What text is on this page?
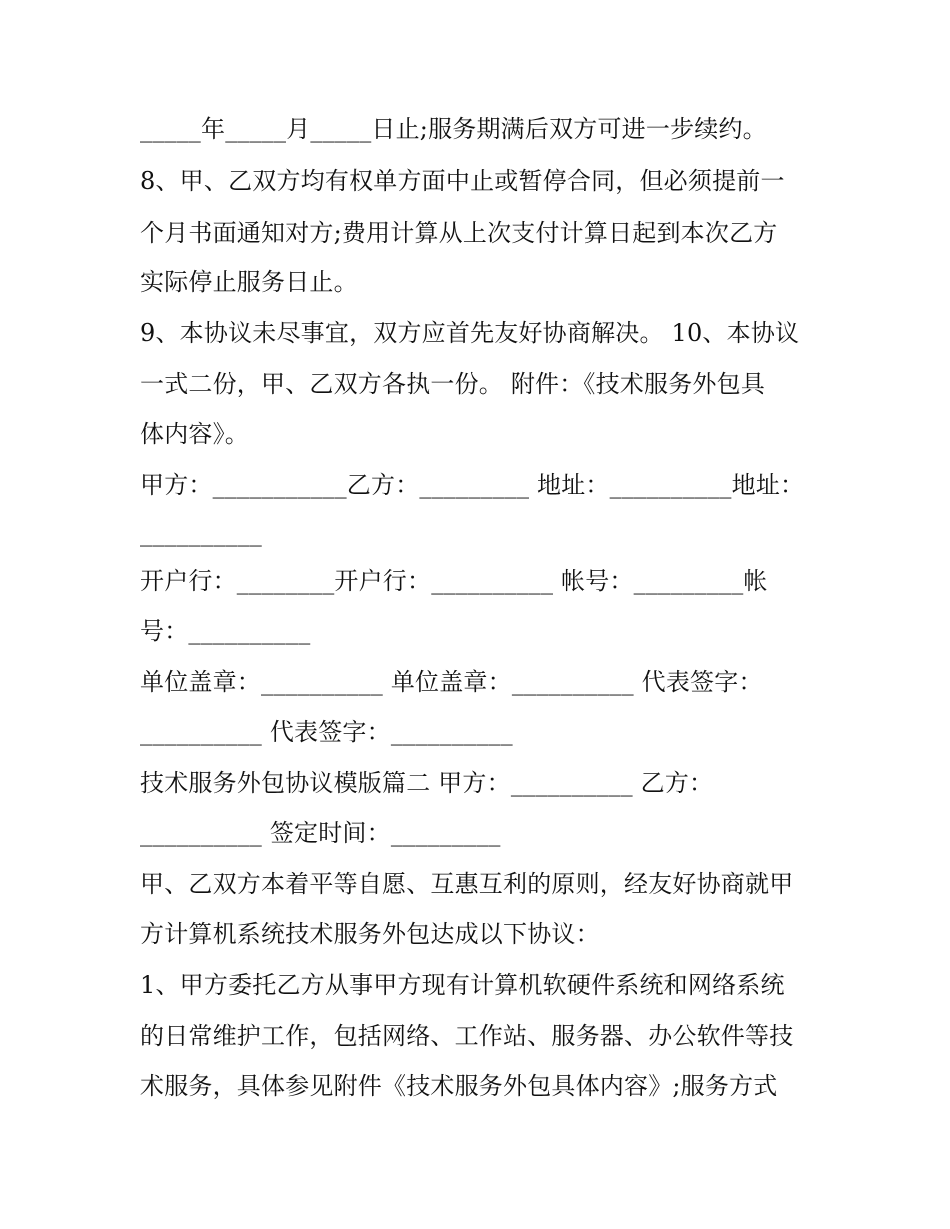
_____年_____月_____日止;服务期满后双方可进一步续约。
8、甲、乙双方均有权单方面中止或暂停合同，但必须提前一
个月书面通知对方;费用计算从上次支付计算日起到本次乙方
实际停止服务日止。
9、本协议未尽事宜，双方应首先友好协商解决。 10、本协议
一式二份，甲、乙双方各执一份。 附件：《技术服务外包具
体内容》。
甲方：___________乙方：_________ 地址：__________地址：
__________
开户行：________开户行：__________ 帐号：_________帐
号：__________
单位盖章：__________ 单位盖章：__________ 代表签字：
__________ 代表签字：__________
技术服务外包协议模版篇二 甲方：__________ 乙方：
__________ 签定时间：_________
甲、乙双方本着平等自愿、互惠互利的原则，经友好协商就甲
方计算机系统技术服务外包达成以下协议：
1、甲方委托乙方从事甲方现有计算机软硬件系统和网络系统
的日常维护工作，包括网络、工作站、服务器、办公软件等技
术服务，具体参见附件《技术服务外包具体内容》;服务方式
